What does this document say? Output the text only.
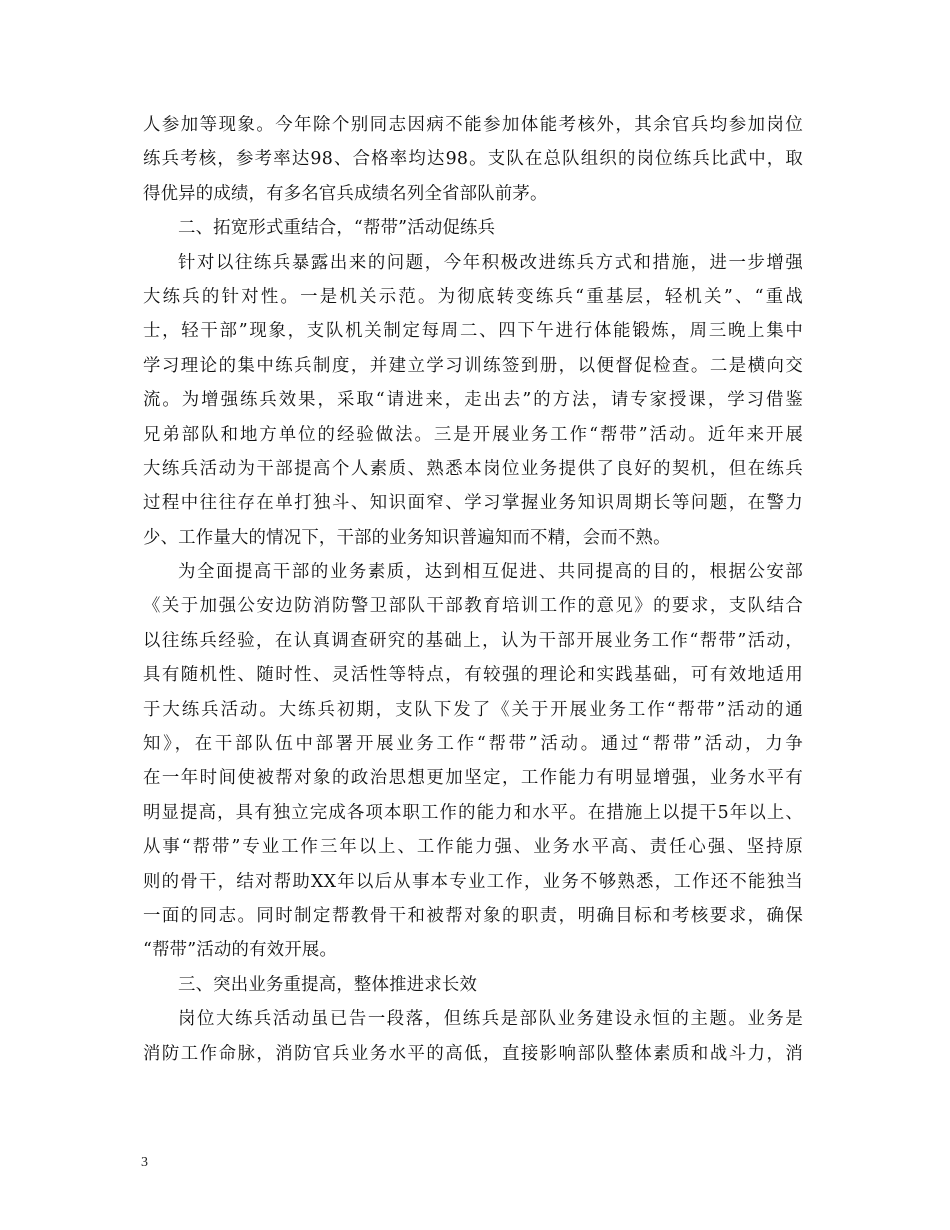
人参加等现象。今年除个别同志因病不能参加体能考核外，其余官兵均参加岗位
练兵考核，参考率达98、合格率均达98。支队在总队组织的岗位练兵比武中，取
得优异的成绩，有多名官兵成绩名列全省部队前茅。
二、拓宽形式重结合，“帮带”活动促练兵
针对以往练兵暴露出来的问题，今年积极改进练兵方式和措施，进一步增强
大练兵的针对性。一是机关示范。为彻底转变练兵“重基层，轻机关”、“重战
士，轻干部”现象，支队机关制定每周二、四下午进行体能锻炼，周三晚上集中
学习理论的集中练兵制度，并建立学习训练签到册，以便督促检查。二是横向交
流。为增强练兵效果，采取“请进来，走出去”的方法，请专家授课，学习借鉴
兄弟部队和地方单位的经验做法。三是开展业务工作“帮带”活动。近年来开展
大练兵活动为干部提高个人素质、熟悉本岗位业务提供了良好的契机，但在练兵
过程中往往存在单打独斗、知识面窄、学习掌握业务知识周期长等问题，在警力
少、工作量大的情况下，干部的业务知识普遍知而不精，会而不熟。
为全面提高干部的业务素质，达到相互促进、共同提高的目的，根据公安部
《关于加强公安边防消防警卫部队干部教育培训工作的意见》的要求，支队结合
以往练兵经验，在认真调查研究的基础上，认为干部开展业务工作“帮带”活动，
具有随机性、随时性、灵活性等特点，有较强的理论和实践基础，可有效地适用
于大练兵活动。大练兵初期，支队下发了《关于开展业务工作“帮带”活动的通
知》，在干部队伍中部署开展业务工作“帮带”活动。通过“帮带”活动，力争
在一年时间使被帮对象的政治思想更加坚定，工作能力有明显增强，业务水平有
明显提高，具有独立完成各项本职工作的能力和水平。在措施上以提干5年以上、
从事“帮带”专业工作三年以上、工作能力强、业务水平高、责任心强、坚持原
则的骨干，结对帮助XX年以后从事本专业工作，业务不够熟悉，工作还不能独当
一面的同志。同时制定帮教骨干和被帮对象的职责，明确目标和考核要求，确保
“帮带”活动的有效开展。
三、突出业务重提高，整体推进求长效
岗位大练兵活动虽已告一段落，但练兵是部队业务建设永恒的主题。业务是
消防工作命脉，消防官兵业务水平的高低，直接影响部队整体素质和战斗力，消
3
